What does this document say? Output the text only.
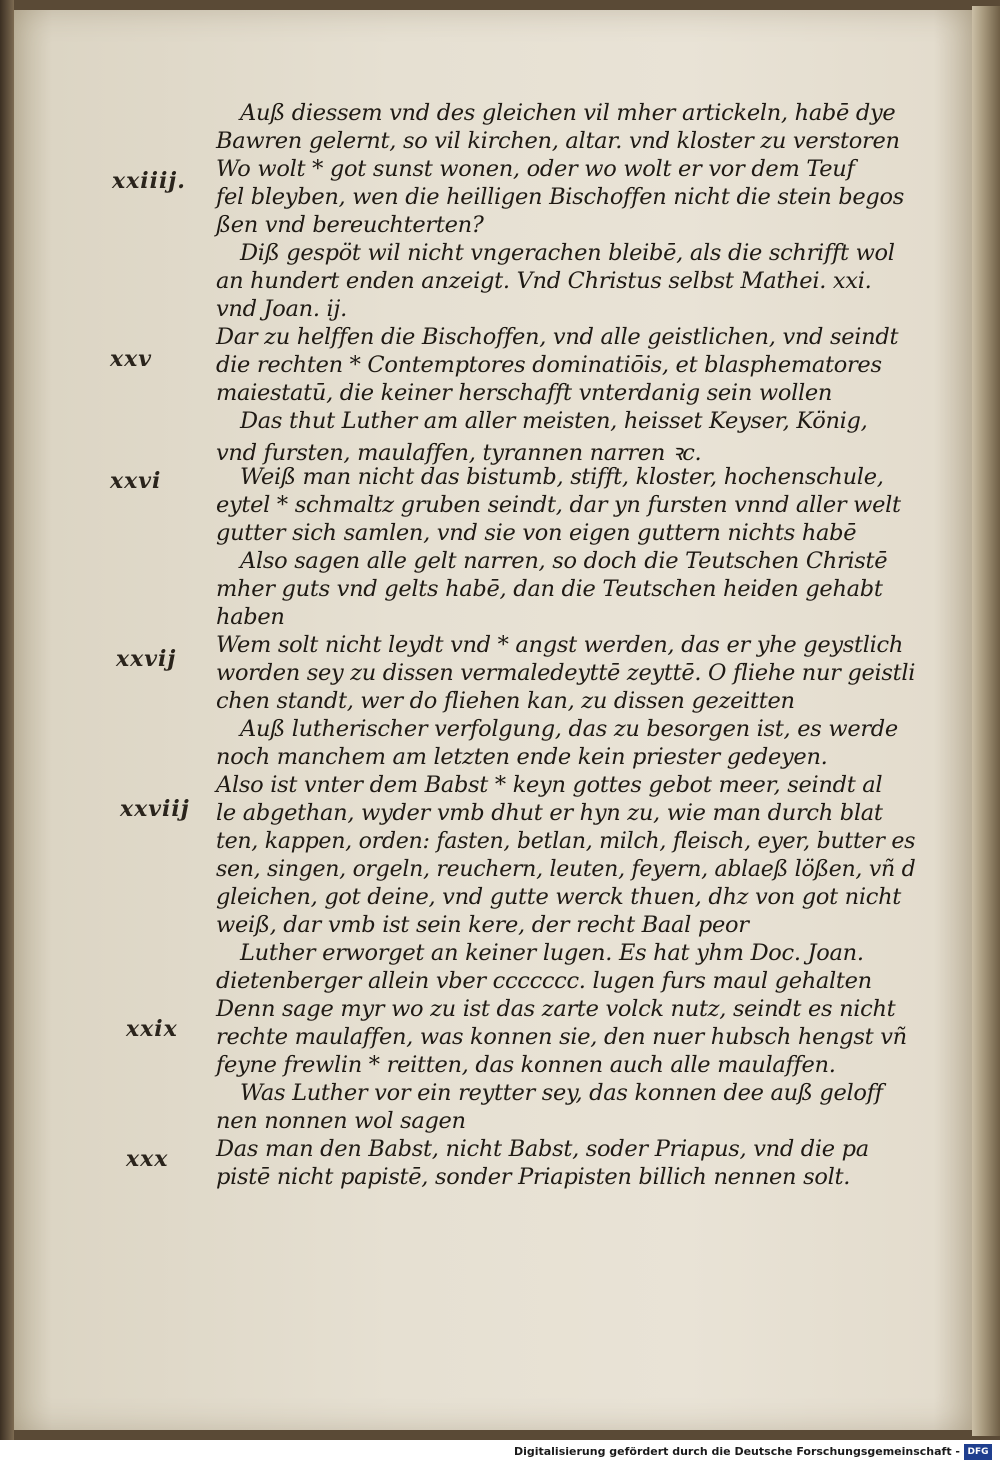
xxiiij.
xxv
xxvi
xxvij
xxviij
xxix
xxx
Auß diessem vnd des gleichen vil mher artickeln, habē dye
Bawren gelernt, so vil kirchen, altar. vnd kloster zu verstoren
Wo wolt * got sunst wonen, oder wo wolt er vor dem Teuf
fel bleyben, wen die heilligen Bischoffen nicht die stein begos
ßen vnd bereuchterten?
Diß gespöt wil nicht vngerachen bleibē, als die schrifft wol
an hundert enden anzeigt. Vnd Christus selbst Mathei. xxi.
vnd Joan. ij.
Dar zu helffen die Bischoffen, vnd alle geistlichen, vnd seindt
die rechten * Contemptores dominatiōis, et blasphematores
maiestatū, die keiner herschafft vnterdanig sein wollen
Das thut Luther am aller meisten, heisset Keyser, König,
vnd fursten, maulaffen, tyrannen narren ꝛc.
Weiß man nicht das bistumb, stifft, kloster, hochenschule,
eytel * schmaltz gruben seindt, dar yn fursten vnnd aller welt
gutter sich samlen, vnd sie von eigen guttern nichts habē
Also sagen alle gelt narren, so doch die Teutschen Christē
mher guts vnd gelts habē, dan die Teutschen heiden gehabt
haben
Wem solt nicht leydt vnd * angst werden, das er yhe geystlich
worden sey zu dissen vermaledeyttē zeyttē. O fliehe nur geistli
chen standt, wer do fliehen kan, zu dissen gezeitten
Auß lutherischer verfolgung, das zu besorgen ist, es werde
noch manchem am letzten ende kein priester gedeyen.
Also ist vnter dem Babst * keyn gottes gebot meer, seindt al
le abgethan, wyder vmb dhut er hyn zu, wie man durch blat
ten, kappen, orden: fasten, betlan, milch, fleisch, eyer, butter es
sen, singen, orgeln, reuchern, leuten, feyern, ablaeß lößen, vñ d
gleichen, got deine, vnd gutte werck thuen, dhz von got nicht
weiß, dar vmb ist sein kere, der recht Baal peor
Luther erworget an keiner lugen. Es hat yhm Doc. Joan.
dietenberger allein vber ccccccc. lugen furs maul gehalten
Denn sage myr wo zu ist das zarte volck nutz, seindt es nicht
rechte maulaffen, was konnen sie, den nuer hubsch hengst vñ
feyne frewlin * reitten, das konnen auch alle maulaffen.
Was Luther vor ein reytter sey, das konnen dee auß geloff
nen nonnen wol sagen
Das man den Babst, nicht Babst, soder Priapus, vnd die pa
pistē nicht papistē, sonder Priapisten billich nennen solt.
Digitalisierung gefördert durch die Deutsche Forschungsgemeinschaft - DFG
